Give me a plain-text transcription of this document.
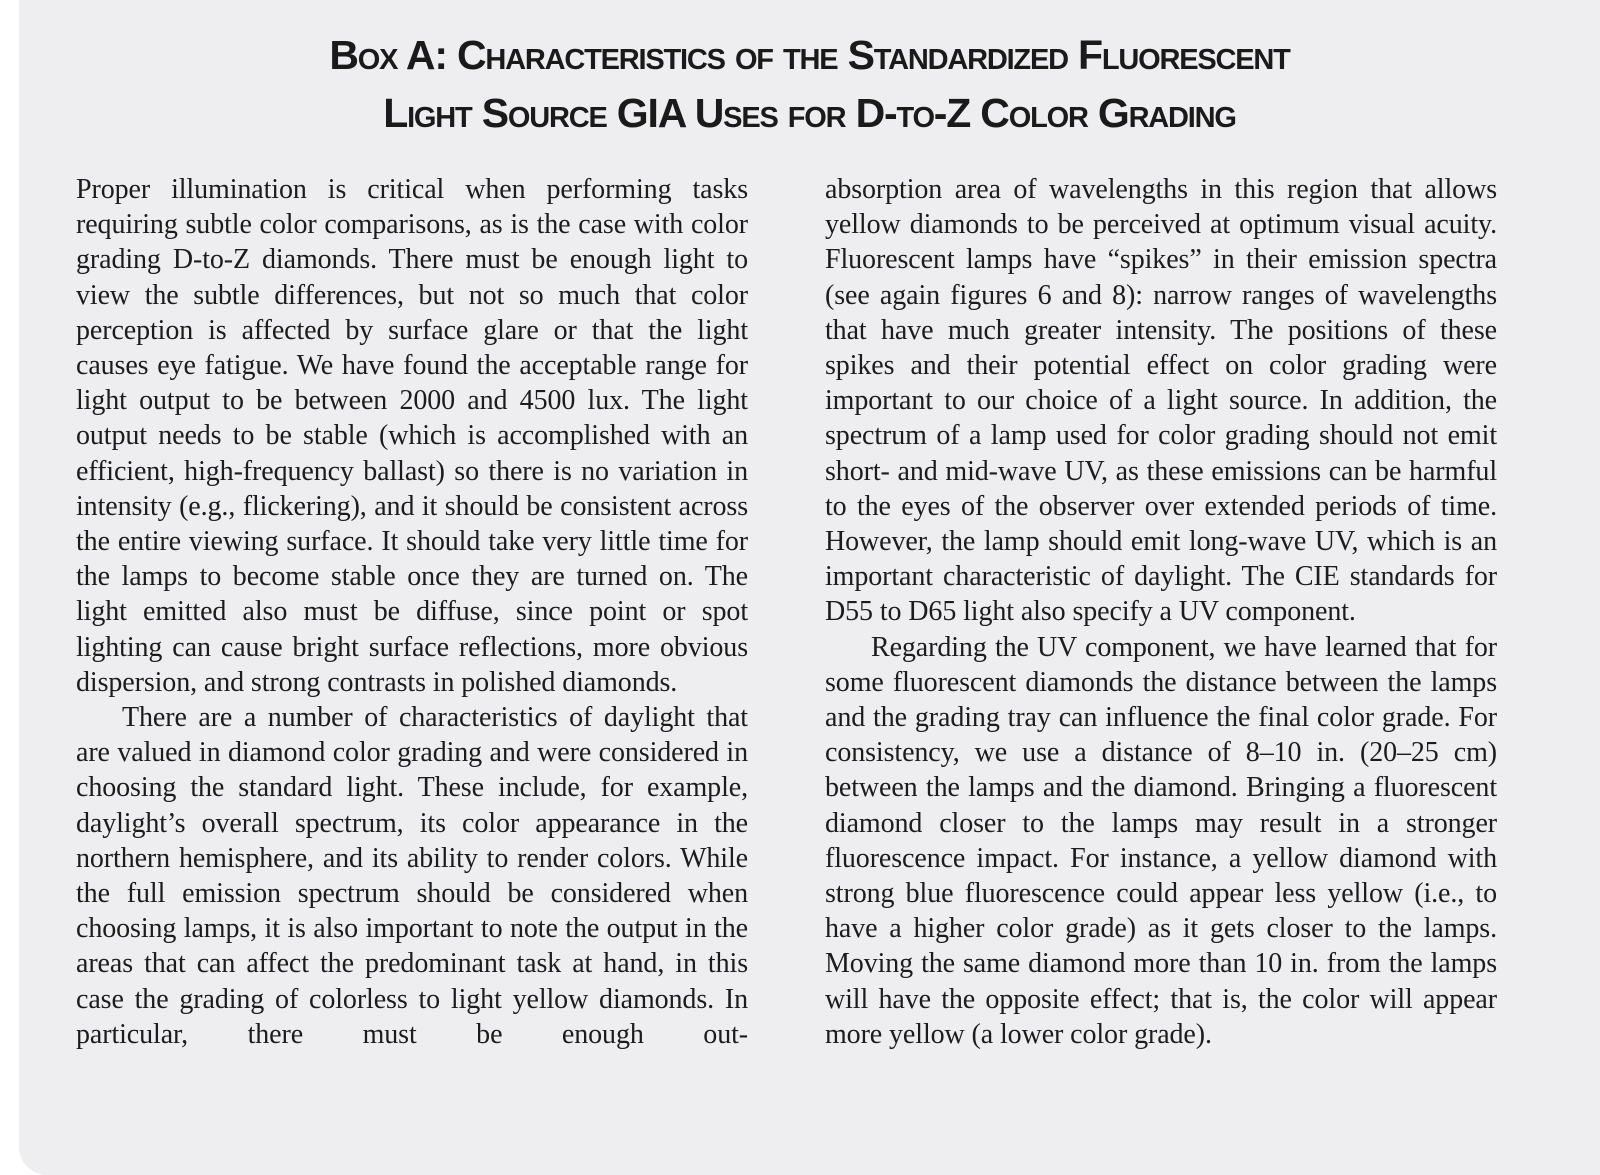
Box A: Characteristics of the Standardized Fluorescent
Light Source GIA Uses for D-to-Z Color Grading

Proper illumination is critical when performing tasks requiring subtle color comparisons, as is the case with color grading D-to-Z diamonds. There must be enough light to view the subtle differences, but not so much that color perception is affected by surface glare or that the light causes eye fatigue. We have found the acceptable range for light output to be between 2000 and 4500 lux. The light output needs to be stable (which is accomplished with an efficient, high-frequency ballast) so there is no variation in intensity (e.g., flickering), and it should be consistent across the entire viewing surface. It should take very little time for the lamps to become stable once they are turned on. The light emitted also must be diffuse, since point or spot lighting can cause bright surface reflections, more obvious dispersion, and strong contrasts in polished diamonds.

There are a number of characteristics of daylight that are valued in diamond color grading and were considered in choosing the standard light. These include, for example, daylight’s overall spectrum, its color appearance in the northern hemisphere, and its ability to render colors. While the full emission spectrum should be considered when choosing lamps, it is also important to note the output in the areas that can affect the predominant task at hand, in this case the grading of colorless to light yellow diamonds. In particular, there must be enough out-

absorption area of wavelengths in this region that allows yellow diamonds to be perceived at optimum visual acuity. Fluorescent lamps have “spikes” in their emission spectra (see again figures 6 and 8): narrow ranges of wavelengths that have much greater intensity. The positions of these spikes and their potential effect on color grading were important to our choice of a light source. In addition, the spectrum of a lamp used for color grading should not emit short- and mid-wave UV, as these emissions can be harmful to the eyes of the observer over extended periods of time. However, the lamp should emit long-wave UV, which is an important characteristic of daylight. The CIE standards for D55 to D65 light also specify a UV component.

Regarding the UV component, we have learned that for some fluorescent diamonds the distance between the lamps and the grading tray can influence the final color grade. For consistency, we use a distance of 8–10 in. (20–25 cm) between the lamps and the diamond. Bringing a fluorescent diamond closer to the lamps may result in a stronger fluorescence impact. For instance, a yellow diamond with strong blue fluorescence could appear less yellow (i.e., to have a higher color grade) as it gets closer to the lamps. Moving the same diamond more than 10 in. from the lamps will have the opposite effect; that is, the color will appear more yellow (a lower color grade).
